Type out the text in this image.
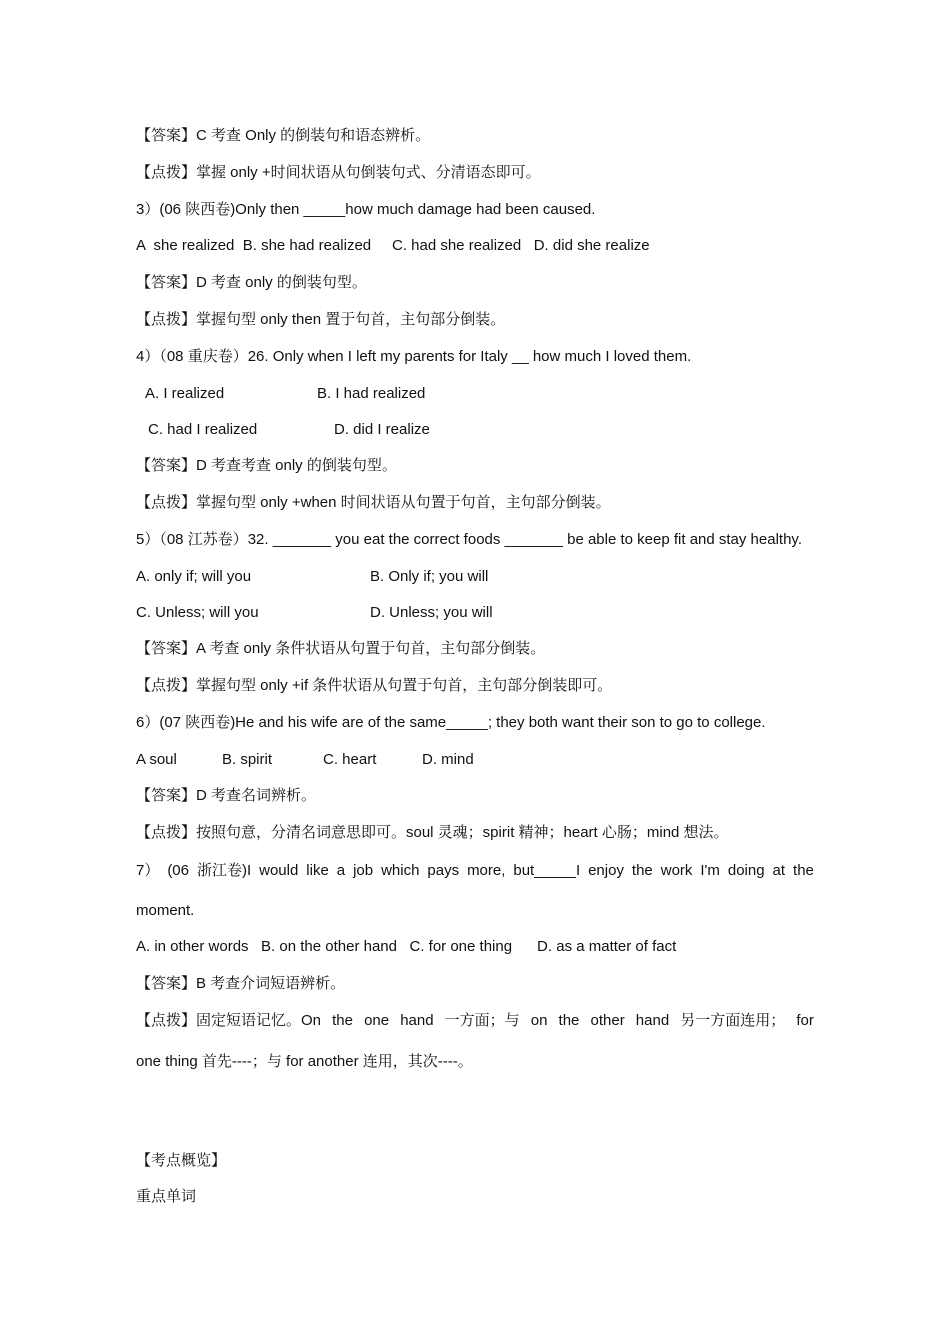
【答案】C 考查 Only 的倒装句和语态辨析。
【点拨】掌握 only +时间状语从句倒装句式、分清语态即可。
3）(06 陕西卷)Only then _____how much damage had been caused.
A  she realized  B. she had realized     C. had she realized   D. did she realize
【答案】D 考查 only 的倒装句型。
【点拨】掌握句型 only then 置于句首，主句部分倒装。
4）（08 重庆卷）26. Only when I left my parents for Italy __ how much I loved them.
A. I realized	B. I had realized
C. had I realized	D. did I realize
【答案】D 考查考查 only 的倒装句型。
【点拨】掌握句型 only +when 时间状语从句置于句首，主句部分倒装。
5）（08 江苏卷）32. _______ you eat the correct foods _______ be able to keep fit and stay healthy.
A. only if; will you	B. Only if; you will
C. Unless; will you	D. Unless; you will
【答案】A 考查 only 条件状语从句置于句首，主句部分倒装。
【点拨】掌握句型 only +if 条件状语从句置于句首，主句部分倒装即可。
6）(07 陕西卷)He and his wife are of the same_____; they both want their son to go to college.
A soul	B. spirit	C. heart	D. mind
【答案】D 考查名词辨析。
【点拨】按照句意，分清名词意思即可。soul 灵魂；spirit 精神；heart 心肠；mind 想法。
7） (06 浙江卷)I would like a job which pays more, but_____I enjoy the work I'm doing at the
moment.
A. in other words   B. on the other hand   C. for one thing      D. as a matter of fact
【答案】B 考查介词短语辨析。
【点拨】固定短语记忆。On the one hand 一方面；与 on the other hand 另一方面连用； for
one thing 首先----；与 for another 连用，其次----。
【考点概览】
重点单词
